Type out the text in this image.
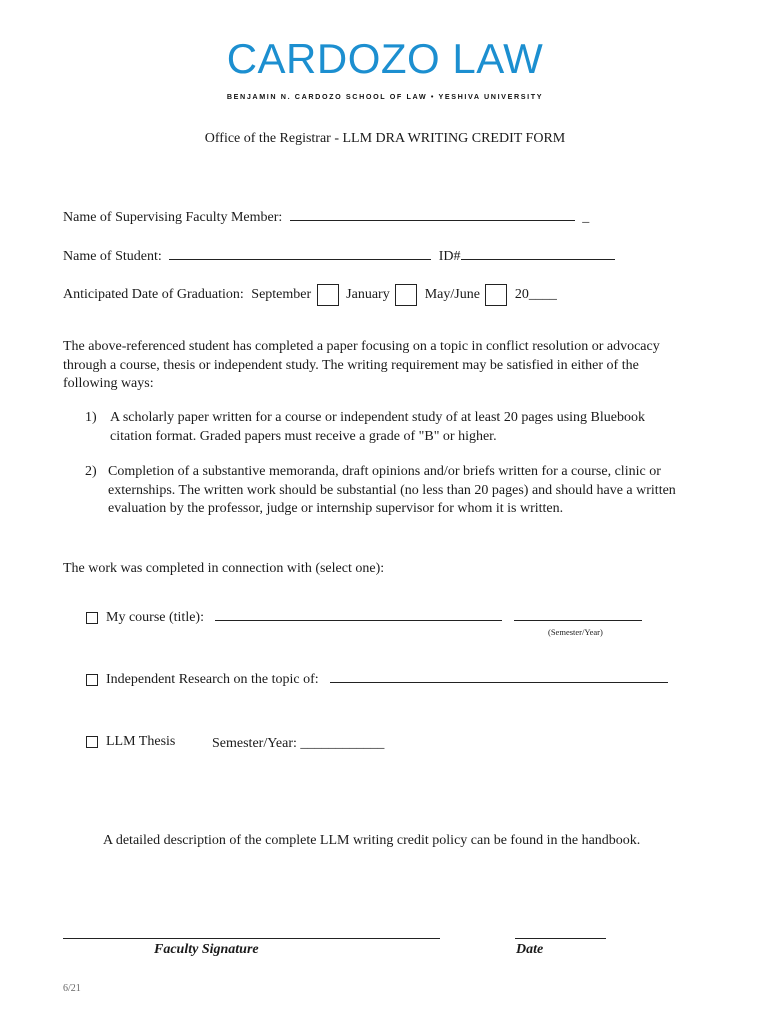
CARDOZO LAW
BENJAMIN N. CARDOZO SCHOOL OF LAW • YESHIVA UNIVERSITY
Office of the Registrar - LLM DRA WRITING CREDIT FORM
Name of Supervising Faculty Member:	_
Name of Student:	ID#
Anticipated Date of Graduation: September	January	May/June	20____
The above-referenced student has completed a paper focusing on a topic in conflict resolution or advocacy through a course, thesis or independent study. The writing requirement may be satisfied in either of the following ways:
1) A scholarly paper written for a course or independent study of at least 20 pages using Bluebook citation format. Graded papers must receive a grade of "B" or higher.
2) Completion of a substantive memoranda, draft opinions and/or briefs written for a course, clinic or externships. The written work should be substantial (no less than 20 pages) and should have a written evaluation by the professor, judge or internship supervisor for whom it is written.
The work was completed in connection with (select one):
My course (title):
(Semester/Year)
Independent Research on the topic of:
LLM Thesis	Semester/Year: ____________
A detailed description of the complete LLM writing credit policy can be found in the handbook.
Faculty Signature	Date
6/21
